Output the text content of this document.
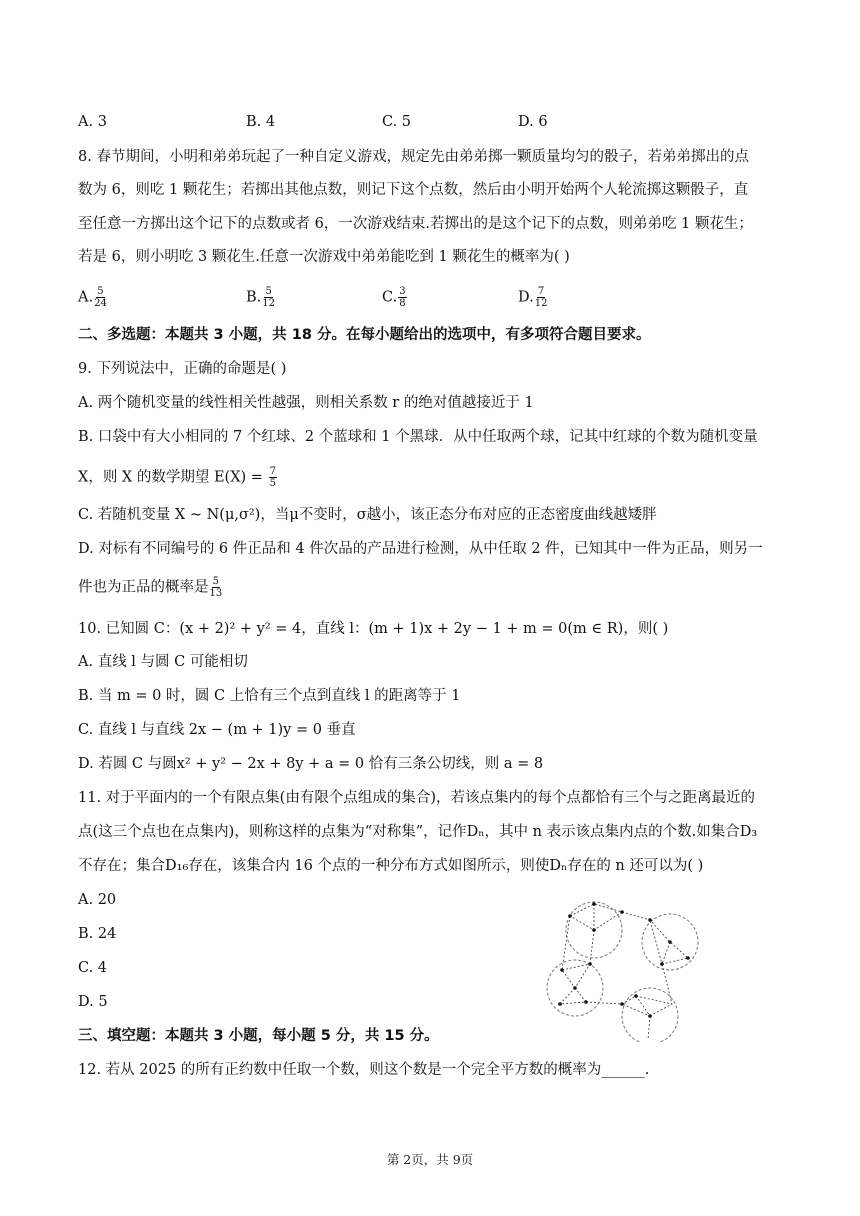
A. 3	B. 4	C. 5	D. 6
8. 春节期间，小明和弟弟玩起了一种自定义游戏，规定先由弟弟掷一颗质量均匀的骰子，若弟弟掷出的点
数为 6，则吃 1 颗花生；若掷出其他点数，则记下这个点数，然后由小明开始两个人轮流掷这颗骰子，直
至任意一方掷出这个记下的点数或者 6，一次游戏结束.若掷出的是这个记下的点数，则弟弟吃 1 颗花生；
若是 6，则小明吃 3 颗花生.任意一次游戏中弟弟能吃到 1 颗花生的概率为( )
A. $\frac{5}{24}$	B. $\frac{5}{12}$	C. $\frac{3}{8}$	D. $\frac{7}{12}$
二、多选题：本题共 3 小题，共 18 分。在每小题给出的选项中，有多项符合题目要求。
9. 下列说法中，正确的命题是( )
A. 两个随机变量的线性相关性越强，则相关系数 r 的绝对值越接近于 1
B. 口袋中有大小相同的 7 个红球、2 个蓝球和 1 个黑球．从中任取两个球，记其中红球的个数为随机变量
X，则 X 的数学期望 $E(X) = \frac{7}{5}$
C. 若随机变量 X ~ N(μ,σ²)，当μ不变时，σ越小，该正态分布对应的正态密度曲线越矮胖
D. 对标有不同编号的 6 件正品和 4 件次品的产品进行检测，从中任取 2 件，已知其中一件为正品，则另一
件也为正品的概率是 $\frac{5}{13}$
10. 已知圆 C：(x + 2)² + y² = 4，直线 l：(m + 1)x + 2y − 1 + m = 0(m ∈ R)，则( )
A. 直线 l 与圆 C 可能相切
B. 当 m = 0 时，圆 C 上恰有三个点到直线 l 的距离等于 1
C. 直线 l 与直线 2x − (m + 1)y = 0 垂直
D. 若圆 C 与圆x² + y² − 2x + 8y + a = 0 恰有三条公切线，则 a = 8
11. 对于平面内的一个有限点集(由有限个点组成的集合)，若该点集内的每个点都恰有三个与之距离最近的
点(这三个点也在点集内)，则称这样的点集为“对称集”，记作Dₙ，其中 n 表示该点集内点的个数.如集合D₃
不存在；集合D₁₆存在，该集合内 16 个点的一种分布方式如图所示，则使Dₙ存在的 n 还可以为( )
A. 20
B. 24
C. 4
D. 5
三、填空题：本题共 3 小题，每小题 5 分，共 15 分。
12. 若从 2025 的所有正约数中任取一个数，则这个数是一个完全平方数的概率为______.
第 2页，共 9页
